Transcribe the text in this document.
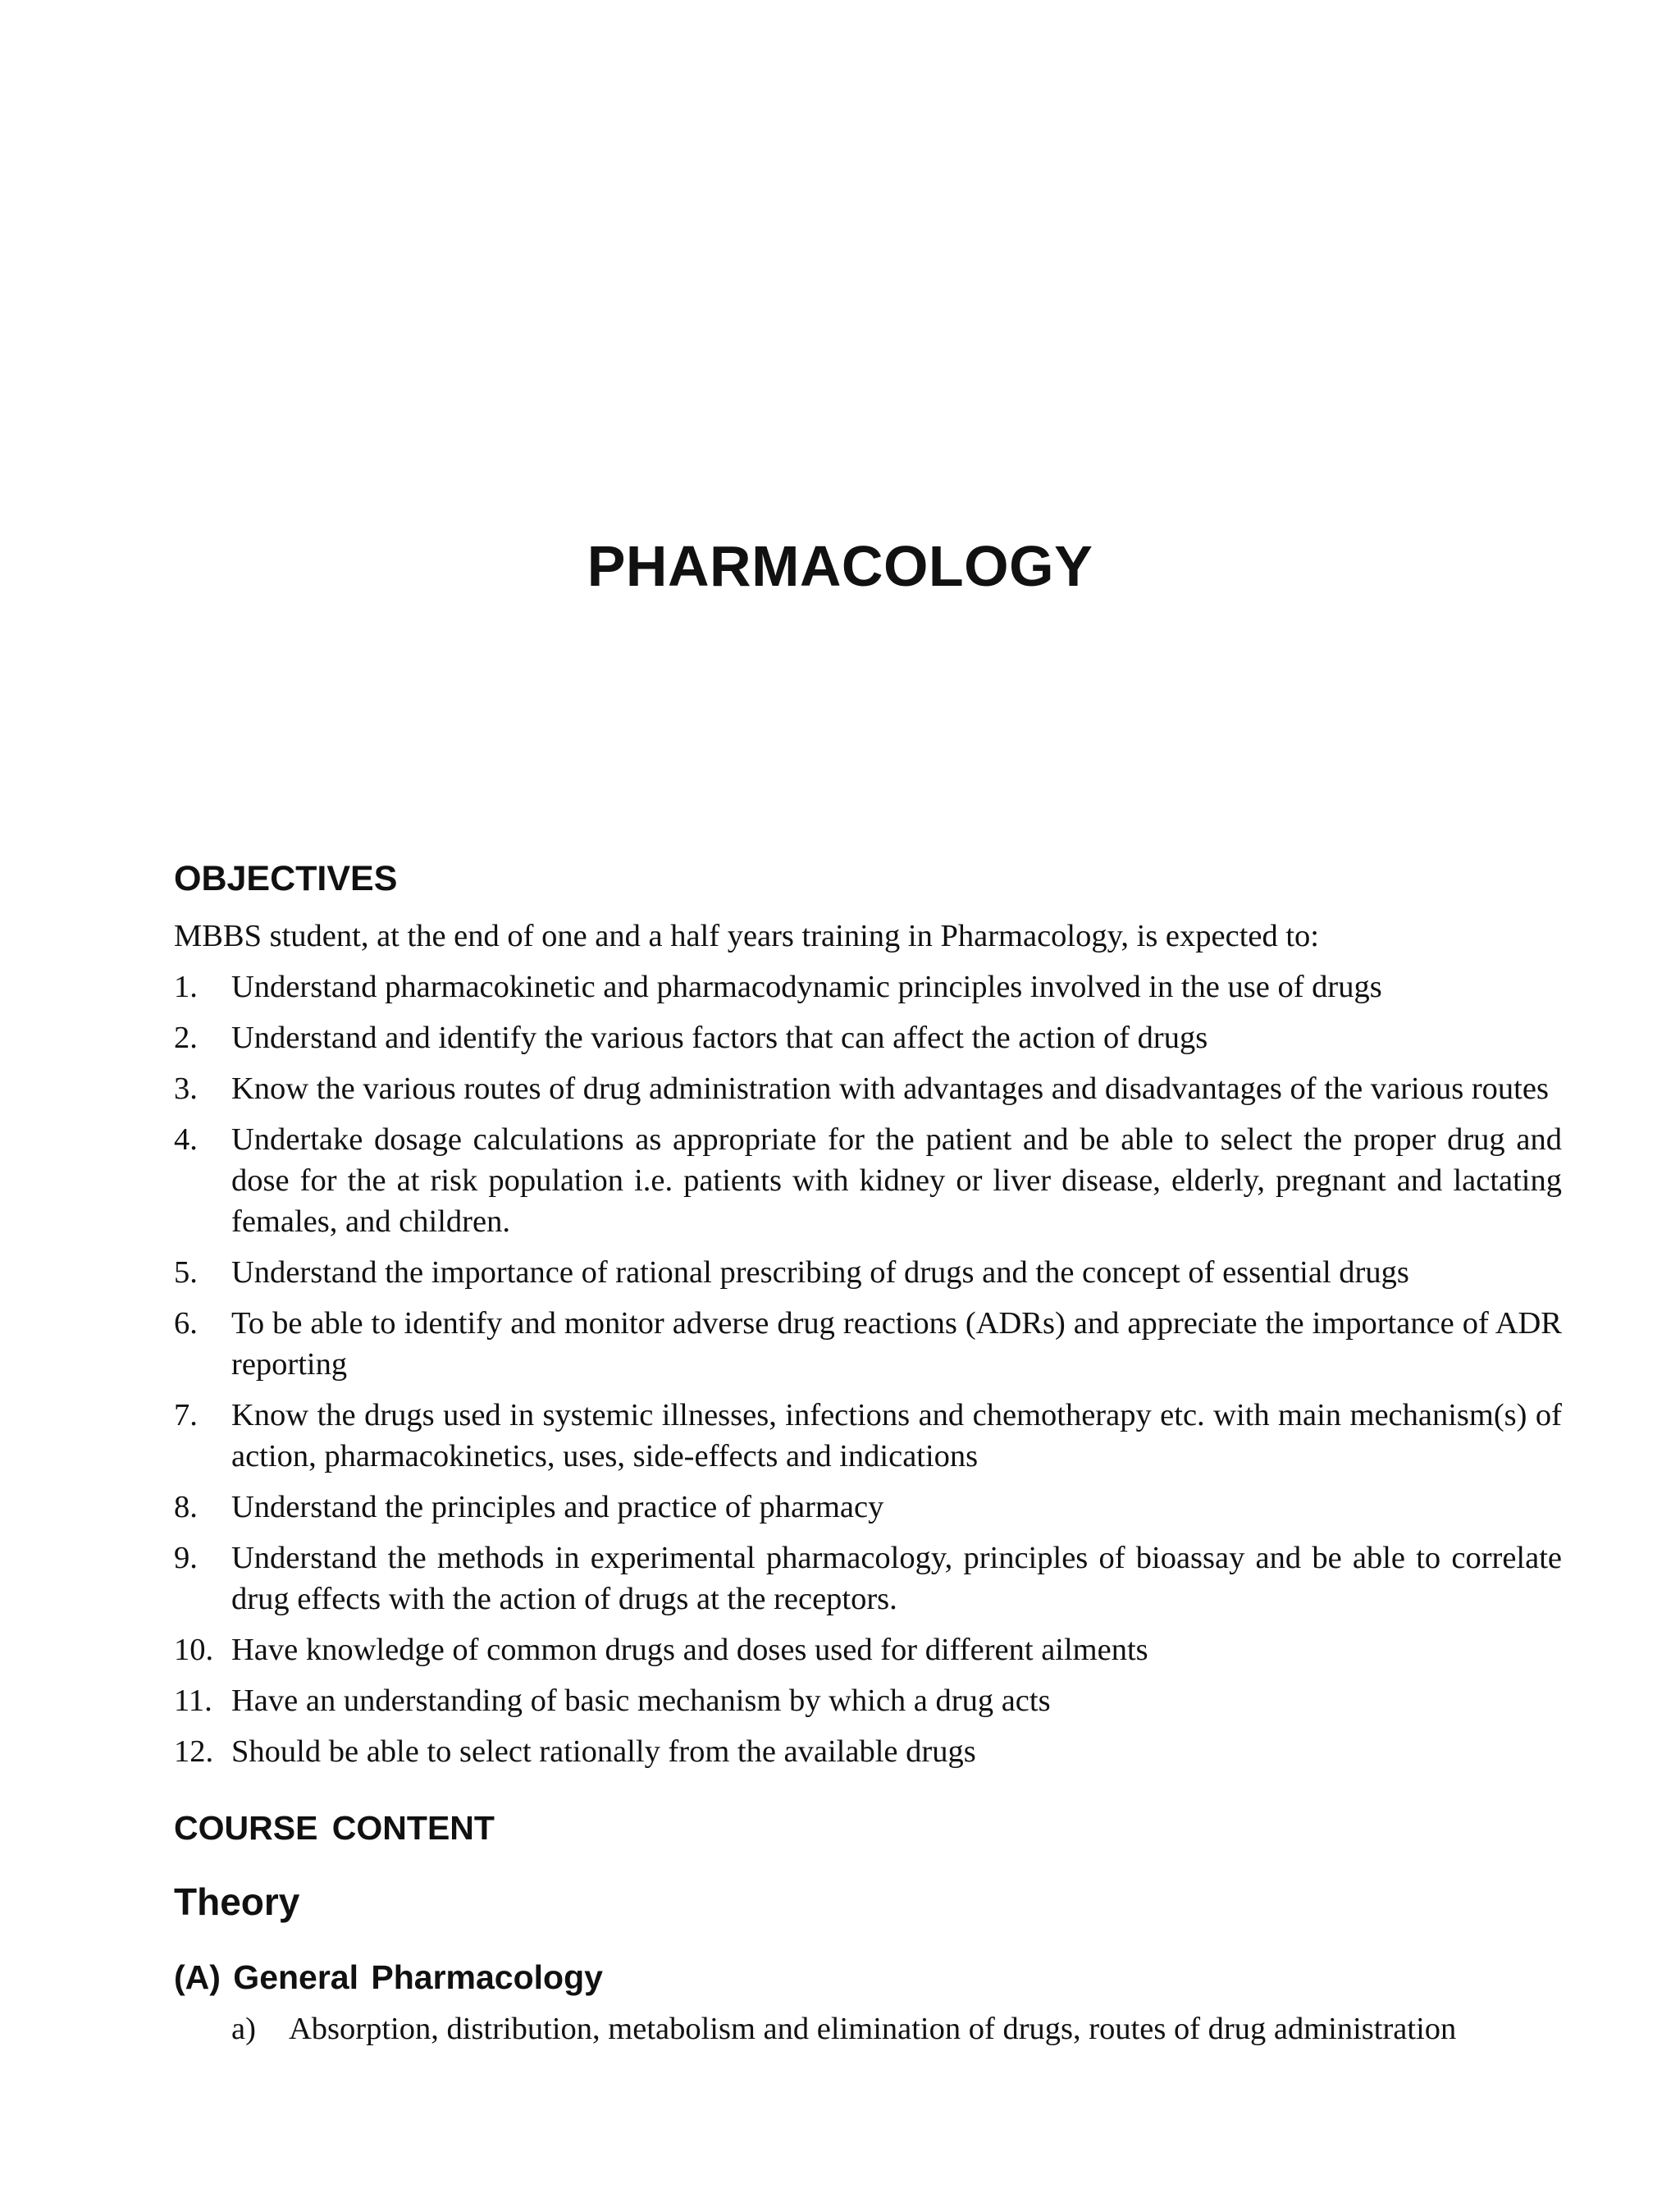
PHARMACOLOGY
OBJECTIVES

MBBS student, at the end of one and a half years training in Pharmacology, is expected to:

1.	Understand pharmacokinetic and pharmacodynamic principles involved in the use of drugs
2.	Understand and identify the various factors that can affect the action of drugs
3.	Know the various routes of drug administration with advantages and disadvantages of the various routes
4.	Undertake dosage calculations as appropriate for the patient and be able to select the proper drug and dose for the at risk population i.e. patients with kidney or liver disease, elderly, pregnant and lactating females, and children.
5.	Understand the importance of rational prescribing of drugs and the concept of essential drugs
6.	To be able to identify and monitor adverse drug reactions (ADRs) and appreciate the importance of ADR reporting
7.	Know the drugs used in systemic illnesses, infections and chemotherapy etc. with main mechanism(s) of action, pharmacokinetics, uses, side-effects and indications
8.	Understand the principles and practice of pharmacy
9.	Understand the methods in experimental pharmacology, principles of bioassay and be able to correlate drug effects with the action of drugs at the receptors.
10. Have knowledge of common drugs and doses used for different ailments
11. Have an understanding of basic mechanism by which a drug acts
12. Should be able to select rationally from the available drugs
COURSE CONTENT
Theory
(A) General Pharmacology
a)	Absorption, distribution, metabolism and elimination of drugs, routes of drug administration
